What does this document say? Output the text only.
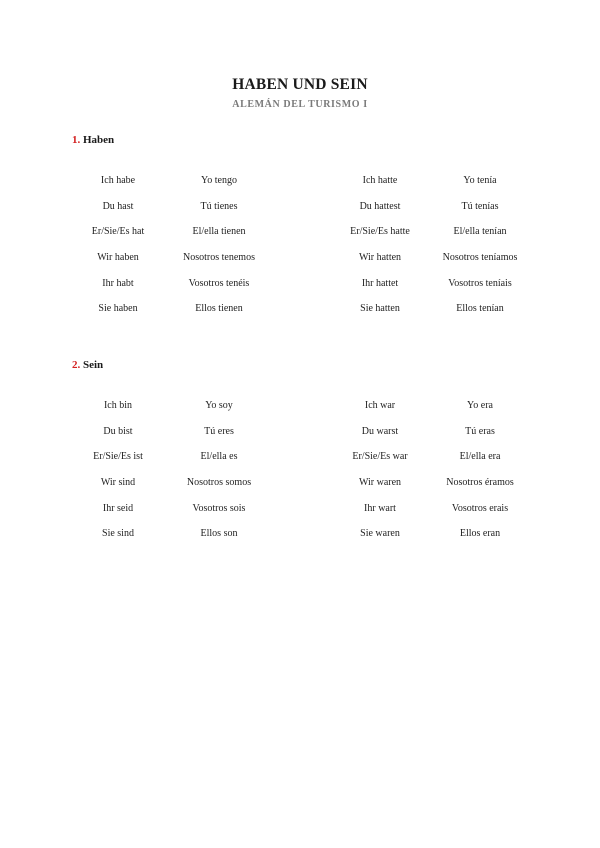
HABEN UND SEIN
ALEMÁN DEL TURISMO I
1. Haben
Ich habe	Yo tengo	Ich hatte	Yo tenía
Du hast	Tú tienes	Du hattest	Tú tenías
Er/Sie/Es hat	El/ella tienen	Er/Sie/Es hatte	El/ella tenían
Wir haben	Nosotros tenemos	Wir hatten	Nosotros teníamos
Ihr habt	Vosotros tenéis	Ihr hattet	Vosotros teníais
Sie haben	Ellos tienen	Sie hatten	Ellos tenían
2. Sein
Ich bin	Yo soy	Ich war	Yo era
Du bist	Tú eres	Du warst	Tú eras
Er/Sie/Es ist	El/ella es	Er/Sie/Es war	El/ella era
Wir sind	Nosotros somos	Wir waren	Nosotros éramos
Ihr seid	Vosotros sois	Ihr wart	Vosotros erais
Sie sind	Ellos son	Sie waren	Ellos eran
